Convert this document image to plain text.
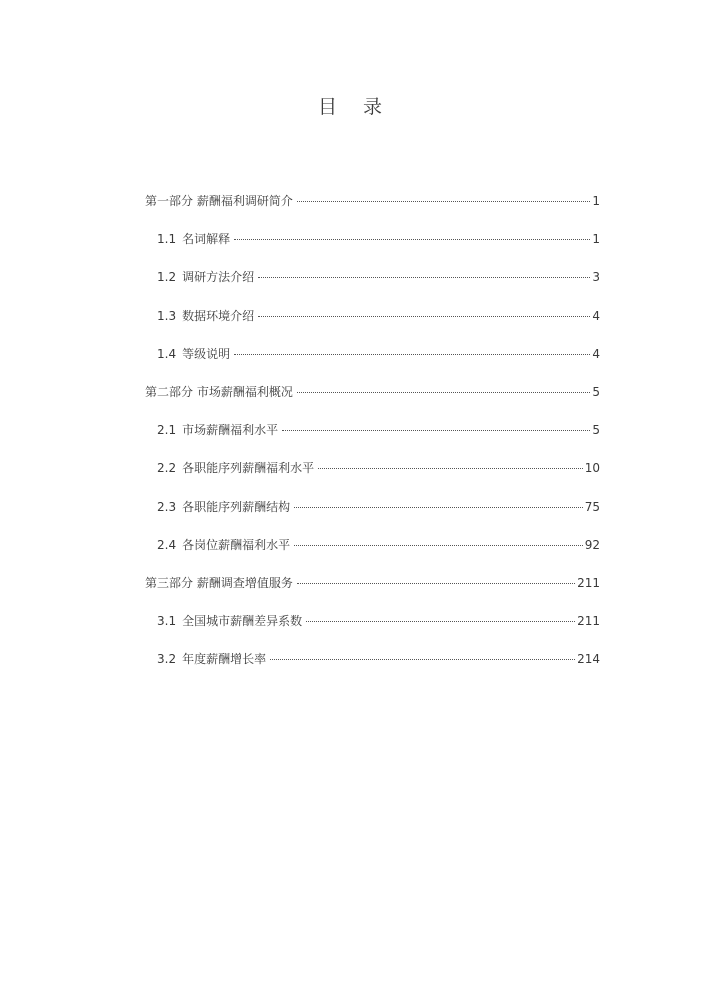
目 录
第一部分 薪酬福利调研简介	1
1.1 名词解释	1
1.2 调研方法介绍	3
1.3 数据环境介绍	4
1.4 等级说明	4
第二部分 市场薪酬福利概况	5
2.1 市场薪酬福利水平	5
2.2 各职能序列薪酬福利水平	10
2.3 各职能序列薪酬结构	75
2.4 各岗位薪酬福利水平	92
第三部分 薪酬调查增值服务	211
3.1 全国城市薪酬差异系数	211
3.2 年度薪酬增长率	214
